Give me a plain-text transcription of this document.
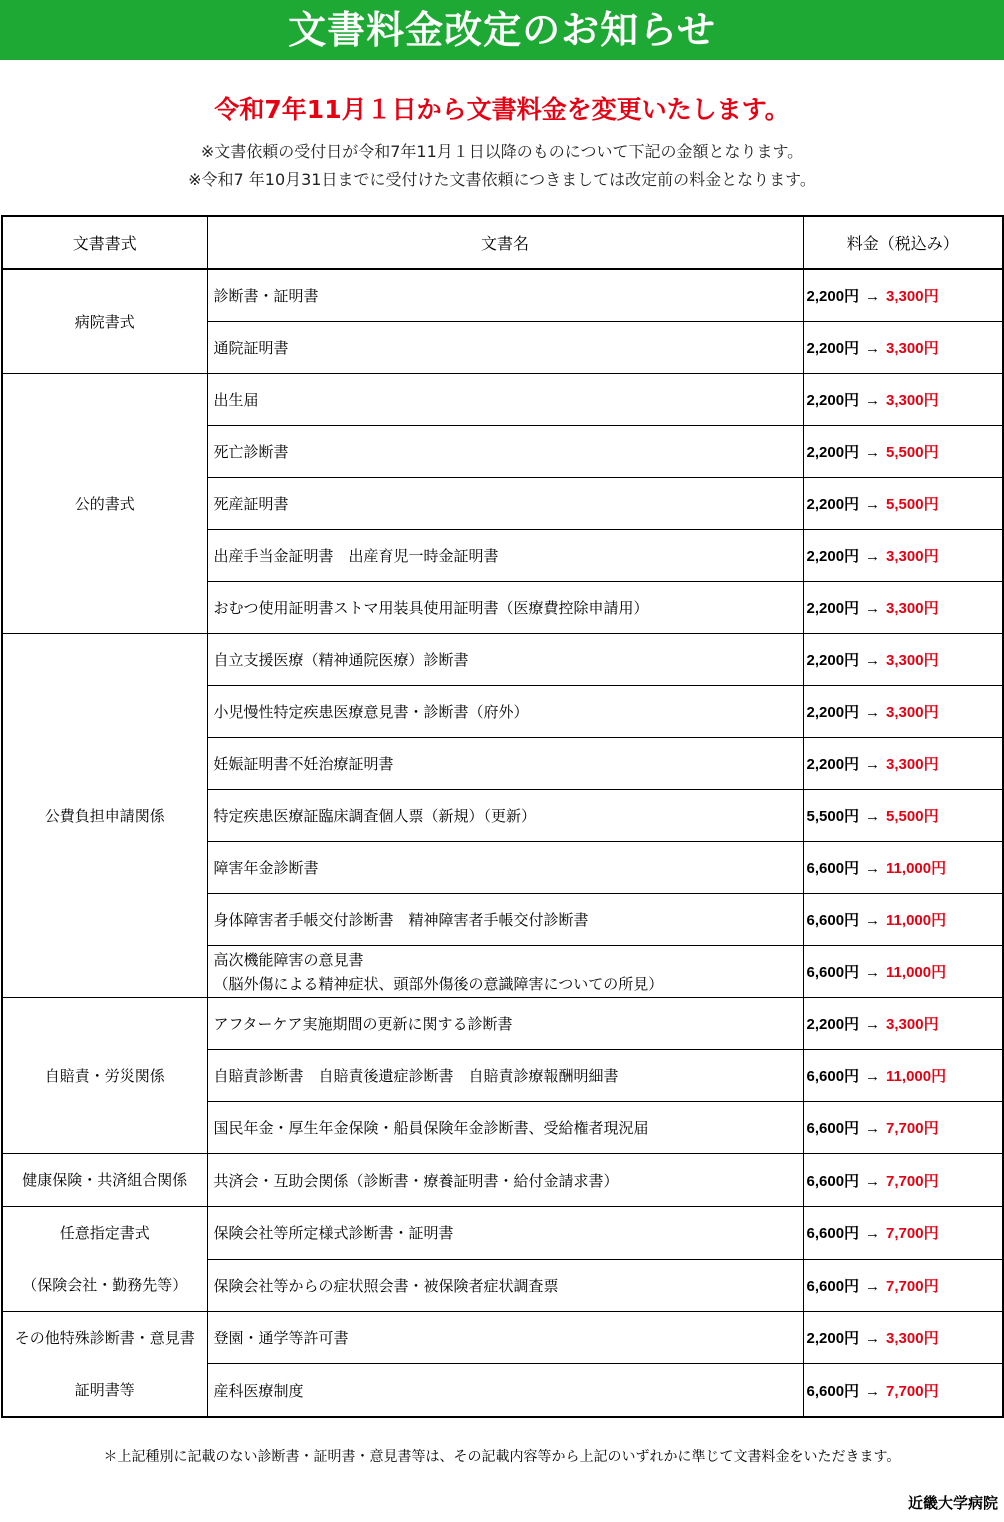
文書料金改定のお知らせ
令和7年11月１日から文書料金を変更いたします。
※文書依頼の受付日が令和7年11月１日以降のものについて下記の金額となります。
※令和7 年10月31日までに受付けた文書依頼につきましては改定前の料金となります。
文書書式	文書名	料金（税込み）

病院書式	診断書・証明書	2,200円 → 3,300円

	通院証明書	2,200円 → 3,300円

公的書式	出生届	2,200円 → 3,300円

	死亡診断書	2,200円 → 5,500円

	死産証明書	2,200円 → 5,500円

	出産手当金証明書　出産育児一時金証明書	2,200円 → 3,300円

	おむつ使用証明書ストマ用装具使用証明書（医療費控除申請用）	2,200円 → 3,300円

公費負担申請関係	自立支援医療（精神通院医療）診断書	2,200円 → 3,300円

	小児慢性特定疾患医療意見書・診断書（府外）	2,200円 → 3,300円

	妊娠証明書不妊治療証明書	2,200円 → 3,300円

	特定疾患医療証臨床調査個人票（新規）（更新）	5,500円 → 5,500円

	障害年金診断書	6,600円 → 11,000円

	身体障害者手帳交付診断書　精神障害者手帳交付診断書	6,600円 → 11,000円

	高次機能障害の意見書
（脳外傷による精神症状、頭部外傷後の意識障害についての所見）	6,600円 → 11,000円

自賠責・労災関係	アフターケア実施期間の更新に関する診断書	2,200円 → 3,300円

	自賠責診断書　自賠責後遺症診断書　自賠責診療報酬明細書	6,600円 → 11,000円

	国民年金・厚生年金保険・船員保険年金診断書、受給権者現況届	6,600円 → 7,700円

健康保険・共済組合関係	共済会・互助会関係（診断書・療養証明書・給付金請求書）	6,600円 → 7,700円

任意指定書式
（保険会社・勤務先等）	保険会社等所定様式診断書・証明書	6,600円 → 7,700円

	保険会社等からの症状照会書・被保険者症状調査票	6,600円 → 7,700円

その他特殊診断書・意見書
証明書等	登園・通学等許可書	2,200円 → 3,300円

	産科医療制度	6,600円 → 7,700円
＊上記種別に記載のない診断書・証明書・意見書等は、その記載内容等から上記のいずれかに準じて文書料金をいただきます。
近畿大学病院
